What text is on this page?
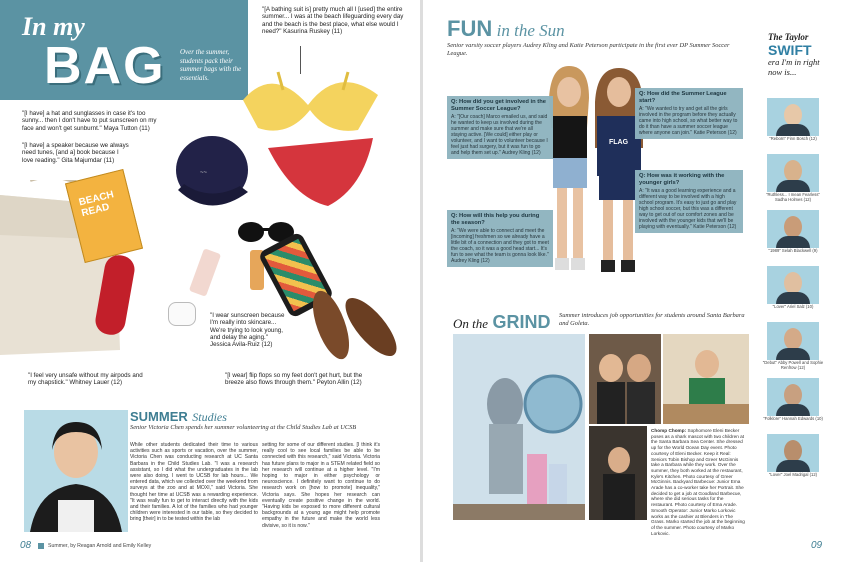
In my
BAG Over the summer, students pack their summer bags with the essentials.
"[A bathing suit is] pretty much all I [used] the entire summer... I was at the beach lifeguarding every day and the beach is the best place, what else would I need?" Kasurina Ruskey (11)
"[I have] a hat and sunglasses in case it's too sunny... then I don't have to put sunscreen on my face and won't get sunburnt." Maya Tutton (11)
"[I have] a speaker because we always need tunes, [and a] book because I love reading." Gita Majumdar (11)
"I wear sunscreen because I'm really into skincare... We're trying to look young, and delay the aging." Jessica Avila-Ruiz (12)
"I feel very unsafe without my airpods and my chapstick." Whitney Lauer (12)
"[I wear] flip flops so my feet don't get hurt, but the breeze also flows through them." Peyton Allin (12)
BEACH READ
~~
SUMMER Studies
Senior Victoria Chen spends her summer volunteering at the Child Studies Lab at UCSB
While other students dedicated their time to various activities such as sports or vacation, over the summer, Victoria Chen was conducting research at UC Santa Barbara in the Child Studies Lab. "I was a research assistant, so I did what the undergraduates in the lab were also doing. I went to UCSB for lab hours... We entered data, which we collected over the weekend from surveys at the zoo and at MOXI," said Victoria. She thought her time at UCSB was a rewarding experience. "It was really fun to get to interact directly with the kids and their families. A lot of the families who had younger children were interested in our table, so they decided to bring [their] in to be tested within the lab
setting for some of our different studies. [I think it's really cool to see local families be able to be connected with this research," said Victoria. Victoria has future plans to major in a STEM related field so her research will continue at a higher level. "I'm hoping to major in either psychology or neuroscience. I definitely want to continue to do research work on [how to promote] inequality," Victoria says. She hopes her research can eventually create positive change in the world. "Having kids be exposed to more different cultural backgrounds at a young age might help promote empathy in the future and make the world less divisive, so it is now."
08	Summer, by Reagan Arnold and Emily Kelley
FUN in the Sun
Senior varsity soccer players Audrey Kling and Katie Peterson participate in the first ever DP Summer Soccer League.
FLAG
Q: How did you get involved in the Summer Soccer League?
A: "[Our coach] Marco emailed us, and said he wanted to keep us involved during the summer and make sure that we're all staying active. [We could] either play or volunteer, and I want to volunteer because I feel just had surgery, but it was fun to go and help them set up." Audrey Kling (12)
Q: How will this help you during the season?
A: "We were able to connect and meet the [incoming] freshmen so we already have a little bit of a connection and they got to meet the coach, so it was a good head start... It's fun to see what the team is gonna look like." Audrey Kling (12)
Q: How did the Summer League start?
A: "We wanted to try and get all the girls involved in the program before they actually came into high school, so what better way to do it than have a summer soccer league where anyone can join." Katie Peterson (12)
Q: How was it working with the younger girls?
A: "It was a good learning experience and a different way to be involved with a high school program. It's easy to just go and play high school soccer, but this was a different way to get out of our comfort zones and be involved with the younger kids that we'll be playing with eventually." Katie Peterson (12)
On the GRIND Summer introduces job opportunities for students around Santa Barbara and Goleta.
Chomp Chomp: Sophomore Eleni Becker poses as a shark mascot with two children at the Santa Barbara Sea Center. She dressed up for the World Ocean Day event. Photo courtesy of Eleni Becker. Keep it Real: Seniors Tobin Bishop and Greer McGinnis take a Barbara while they work. Over the summer, they both worked at the restaurant, Kyle's Kitchen. Photo courtesy of Greer McGinnis. Backyard Barbecue: Junior Ema Arade has a co-worker take her Portrait. She decided to get a job at Goodland Barbecue, where she did serious tasks for the restaurant. Photo courtesy of Ema Arade. Smooth Operator: Junior Marko Lorkovic works as the cashier at Blenders in The Grass. Marko started the job at the beginning of the summer. Photo courtesy of Marko Lorkovic.
09
The Taylor
SWIFT
era I'm in right now is...
"Reborn" Finn Bosch (12)
"Ruthless... I mean Fearless" Sadha Holmes (12)
"1989" Selah Blackwell (9)
"Lover" Ariel Salz (10)
"Debut" Abby Powell and Sophie Renfrow (12)
"Folklore" Hannah Edwards (10)
"Lover" Joel Madrigal (12)
